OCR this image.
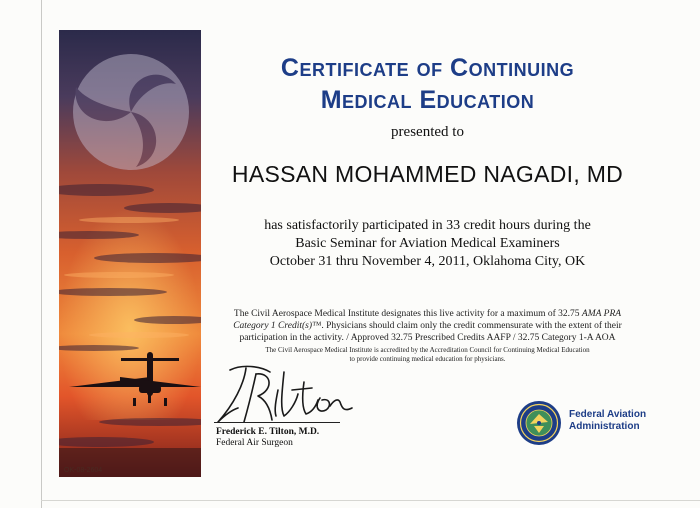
OK-08-2604
Certificate of Continuing
Medical Education
presented to
HASSAN MOHAMMED NAGADI, MD
has satisfactorily participated in 33 credit hours during the
Basic Seminar for Aviation Medical Examiners
October 31 thru November 4, 2011, Oklahoma City, OK
The Civil Aerospace Medical Institute designates this live activity for a maximum of 32.75 AMA PRA
Category 1 Credit(s)™. Physicians should claim only the credit commensurate with the extent of their
participation in the activity. / Approved 32.75 Prescribed Credits AAFP / 32.75 Category 1-A AOA
The Civil Aerospace Medical Institute is accredited by the Accreditation Council for Continuing Medical Education
to provide continuing medical education for physicians.
Frederick E. Tilton, M.D.
Federal Air Surgeon
Federal Aviation
Administration
